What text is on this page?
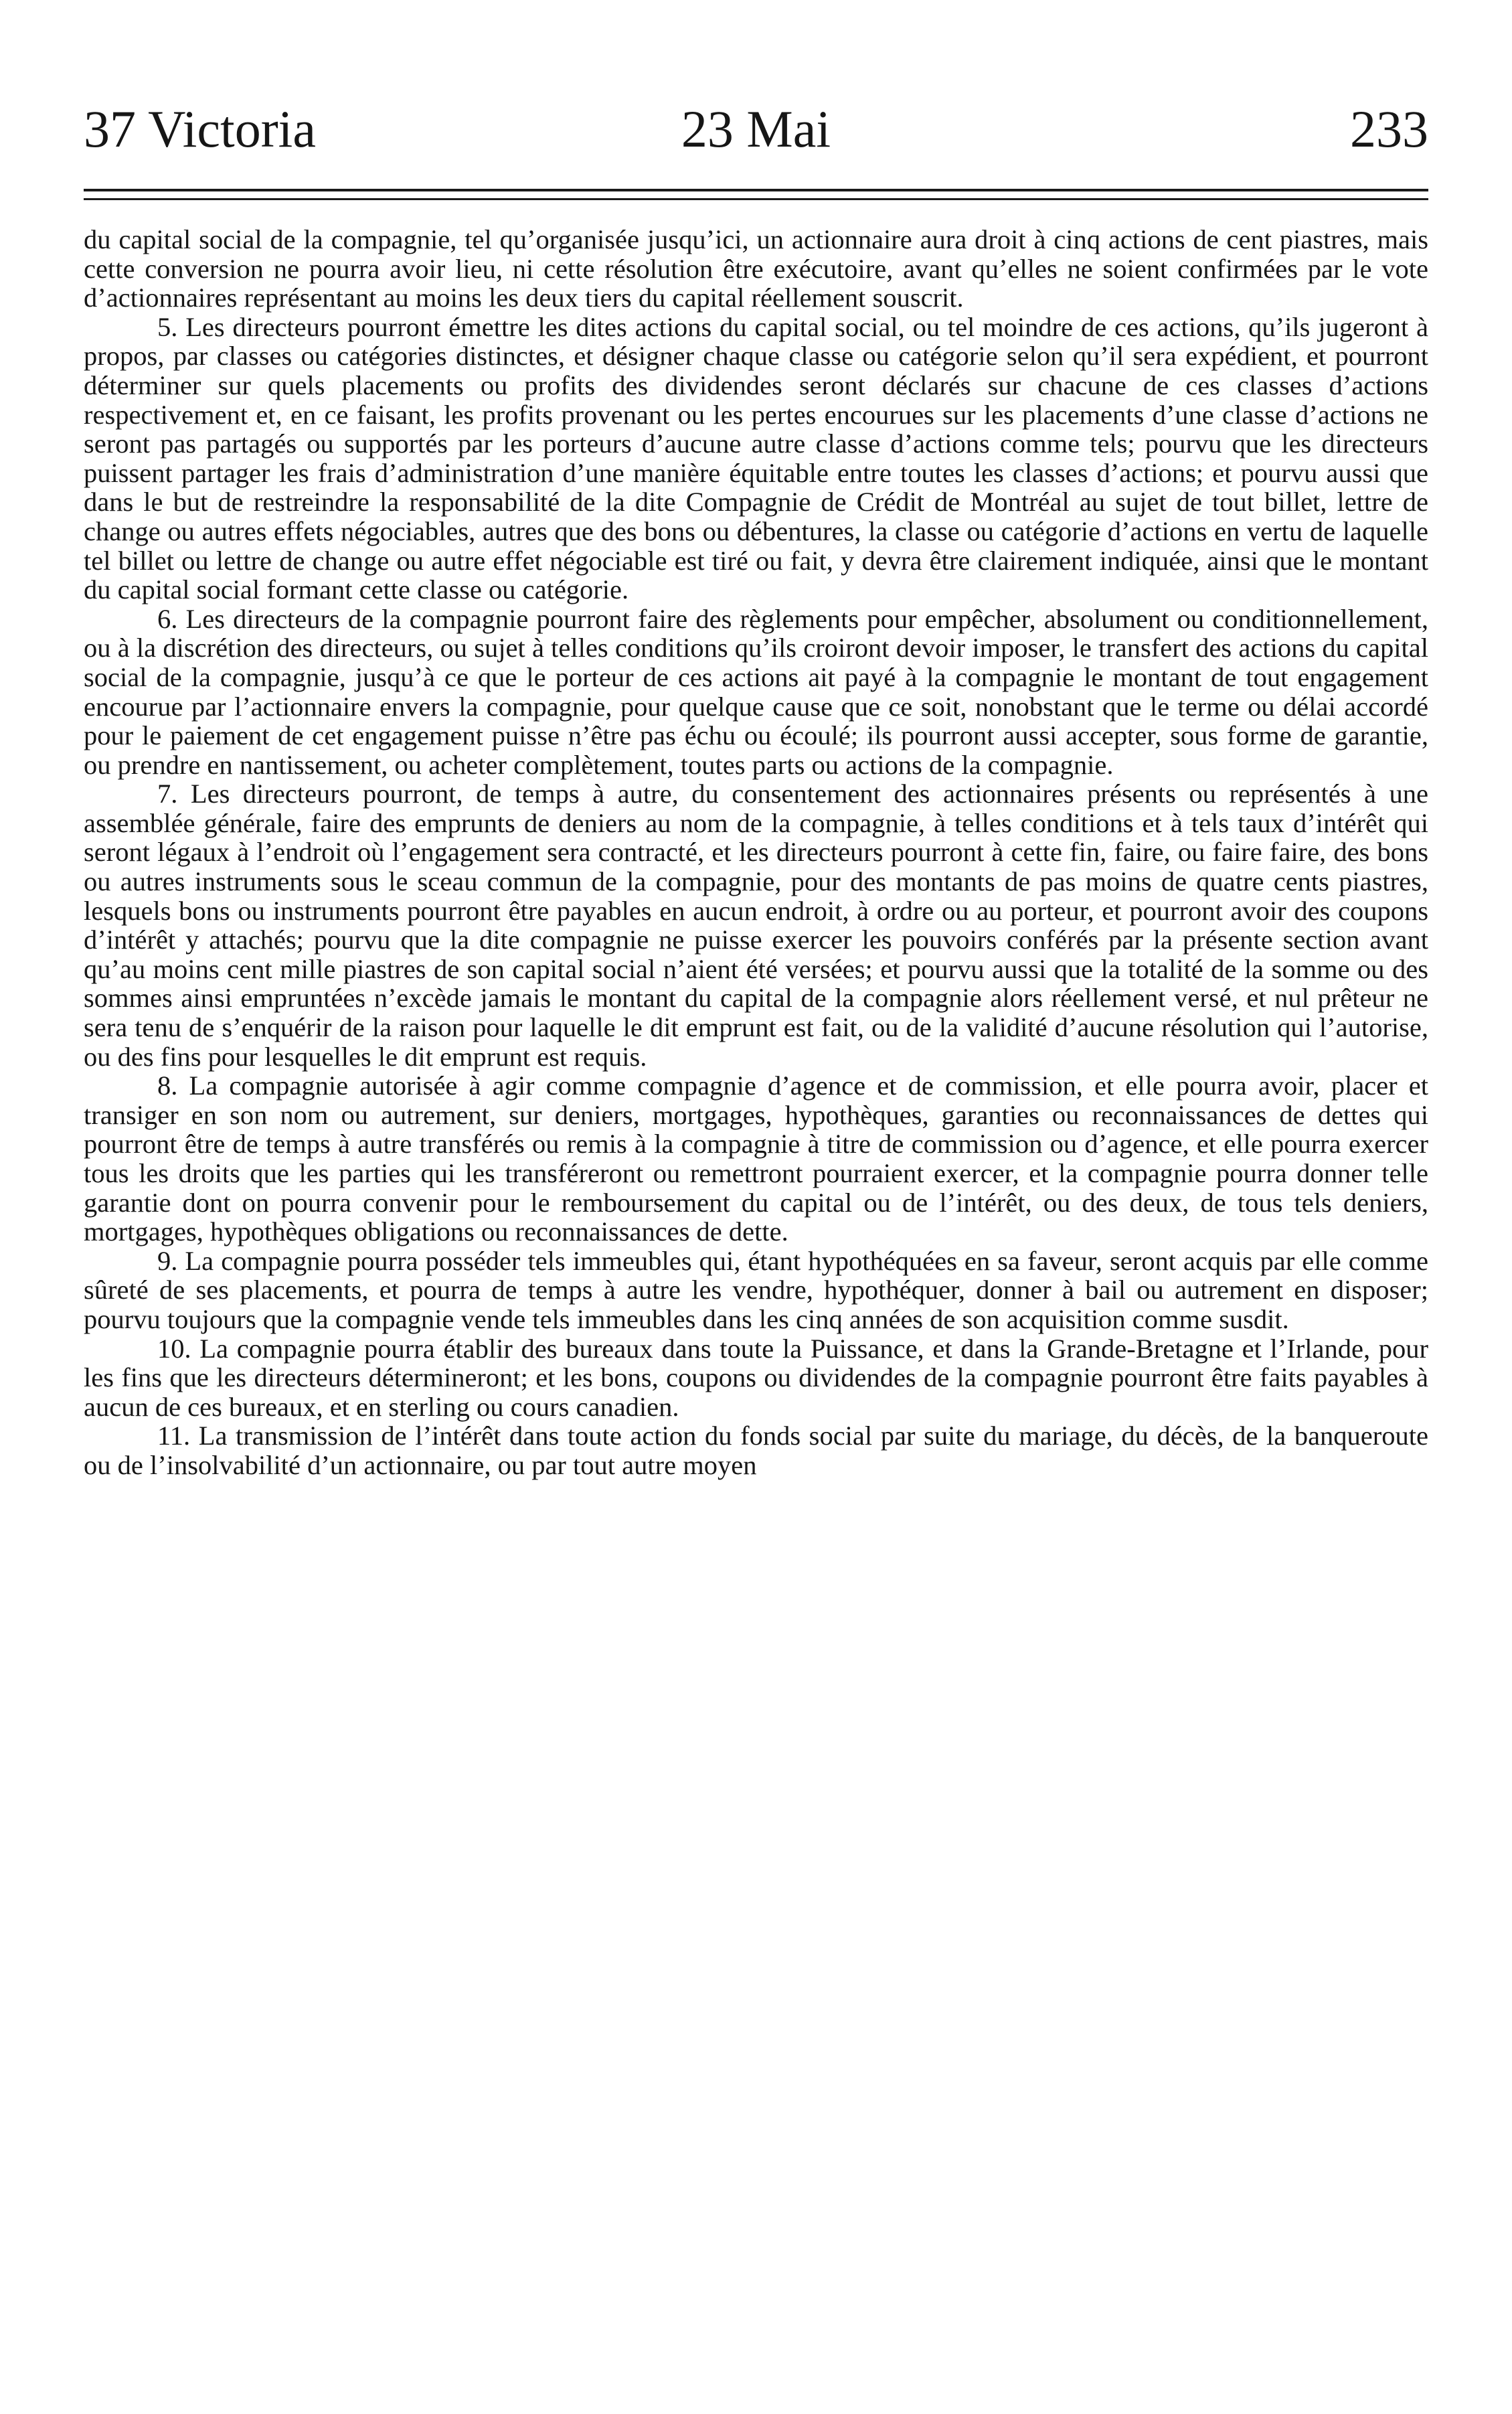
37 Victoria	23 Mai	233

du capital social de la compagnie, tel qu’organisée jusqu’ici, un actionnaire aura droit à cinq actions de cent piastres, mais cette conversion ne pourra avoir lieu, ni cette résolution être exécutoire, avant qu’elles ne soient confirmées par le vote d’actionnaires représentant au moins les deux tiers du capital réellement souscrit.

5. Les directeurs pourront émettre les dites actions du capital social, ou tel moindre de ces actions, qu’ils jugeront à propos, par classes ou catégories distinctes, et désigner chaque classe ou catégorie selon qu’il sera expédient, et pourront déterminer sur quels placements ou profits des dividendes seront déclarés sur chacune de ces classes d’actions respectivement et, en ce faisant, les profits provenant ou les pertes encourues sur les placements d’une classe d’actions ne seront pas partagés ou supportés par les porteurs d’aucune autre classe d’actions comme tels; pourvu que les directeurs puissent partager les frais d’administration d’une manière équitable entre toutes les classes d’actions; et pourvu aussi que dans le but de restreindre la responsabilité de la dite Compagnie de Crédit de Montréal au sujet de tout billet, lettre de change ou autres effets négociables, autres que des bons ou débentures, la classe ou catégorie d’actions en vertu de laquelle tel billet ou lettre de change ou autre effet négociable est tiré ou fait, y devra être clairement indiquée, ainsi que le montant du capital social formant cette classe ou catégorie.

6. Les directeurs de la compagnie pourront faire des règlements pour empêcher, absolument ou conditionnellement, ou à la discrétion des directeurs, ou sujet à telles conditions qu’ils croiront devoir imposer, le transfert des actions du capital social de la compagnie, jusqu’à ce que le porteur de ces actions ait payé à la compagnie le montant de tout engagement encourue par l’actionnaire envers la compagnie, pour quelque cause que ce soit, nonobstant que le terme ou délai accordé pour le paiement de cet engagement puisse n’être pas échu ou écoulé; ils pourront aussi accepter, sous forme de garantie, ou prendre en nantissement, ou acheter complètement, toutes parts ou actions de la compagnie.

7. Les directeurs pourront, de temps à autre, du consentement des actionnaires présents ou représentés à une assemblée générale, faire des emprunts de deniers au nom de la compagnie, à telles conditions et à tels taux d’intérêt qui seront légaux à l’endroit où l’engagement sera contracté, et les directeurs pourront à cette fin, faire, ou faire faire, des bons ou autres instruments sous le sceau commun de la compagnie, pour des montants de pas moins de quatre cents piastres, lesquels bons ou instruments pourront être payables en aucun endroit, à ordre ou au porteur, et pourront avoir des coupons d’intérêt y attachés; pourvu que la dite compagnie ne puisse exercer les pouvoirs conférés par la présente section avant qu’au moins cent mille piastres de son capital social n’aient été versées; et pourvu aussi que la totalité de la somme ou des sommes ainsi empruntées n’excède jamais le montant du capital de la compagnie alors réellement versé, et nul prêteur ne sera tenu de s’enquérir de la raison pour laquelle le dit emprunt est fait, ou de la validité d’aucune résolution qui l’autorise, ou des fins pour lesquelles le dit emprunt est requis.

8. La compagnie autorisée à agir comme compagnie d’agence et de commission, et elle pourra avoir, placer et transiger en son nom ou autrement, sur deniers, mortgages, hypothèques, garanties ou reconnaissances de dettes qui pourront être de temps à autre transférés ou remis à la compagnie à titre de commission ou d’agence, et elle pourra exercer tous les droits que les parties qui les transféreront ou remettront pourraient exercer, et la compagnie pourra donner telle garantie dont on pourra convenir pour le remboursement du capital ou de l’intérêt, ou des deux, de tous tels deniers, mortgages, hypothèques obligations ou reconnaissances de dette.

9. La compagnie pourra posséder tels immeubles qui, étant hypothéquées en sa faveur, seront acquis par elle comme sûreté de ses placements, et pourra de temps à autre les vendre, hypothéquer, donner à bail ou autrement en disposer; pourvu toujours que la compagnie vende tels immeubles dans les cinq années de son acquisition comme susdit.

10. La compagnie pourra établir des bureaux dans toute la Puissance, et dans la Grande-Bretagne et l’Irlande, pour les fins que les directeurs détermineront; et les bons, coupons ou dividendes de la compagnie pourront être faits payables à aucun de ces bureaux, et en sterling ou cours canadien.

11. La transmission de l’intérêt dans toute action du fonds social par suite du mariage, du décès, de la banqueroute ou de l’insolvabilité d’un actionnaire, ou par tout autre moyen
